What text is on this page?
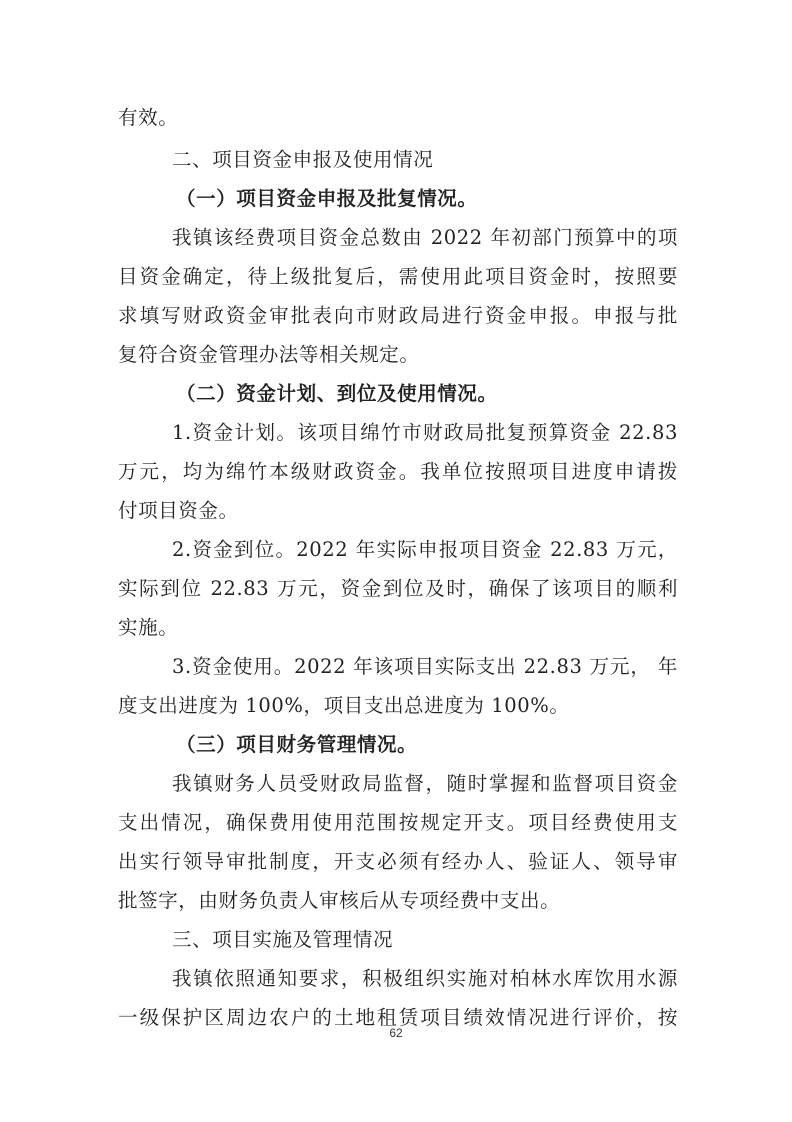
有效。
二、项目资金申报及使用情况
（一）项目资金申报及批复情况。
我镇该经费项目资金总数由 2022 年初部门预算中的项
目资金确定，待上级批复后，需使用此项目资金时，按照要
求填写财政资金审批表向市财政局进行资金申报。申报与批
复符合资金管理办法等相关规定。
（二）资金计划、到位及使用情况。
1.资金计划。该项目绵竹市财政局批复预算资金 22.83
万元，均为绵竹本级财政资金。我单位按照项目进度申请拨
付项目资金。
2.资金到位。2022 年实际申报项目资金 22.83 万元，
实际到位 22.83 万元，资金到位及时，确保了该项目的顺利
实施。
3.资金使用。2022 年该项目实际支出 22.83 万元， 年
度支出进度为 100%，项目支出总进度为 100%。
（三）项目财务管理情况。
我镇财务人员受财政局监督，随时掌握和监督项目资金
支出情况，确保费用使用范围按规定开支。项目经费使用支
出实行领导审批制度，开支必须有经办人、验证人、领导审
批签字，由财务负责人审核后从专项经费中支出。
三、项目实施及管理情况
我镇依照通知要求，积极组织实施对柏林水库饮用水源
一级保护区周边农户的土地租赁项目绩效情况进行评价，按
62
